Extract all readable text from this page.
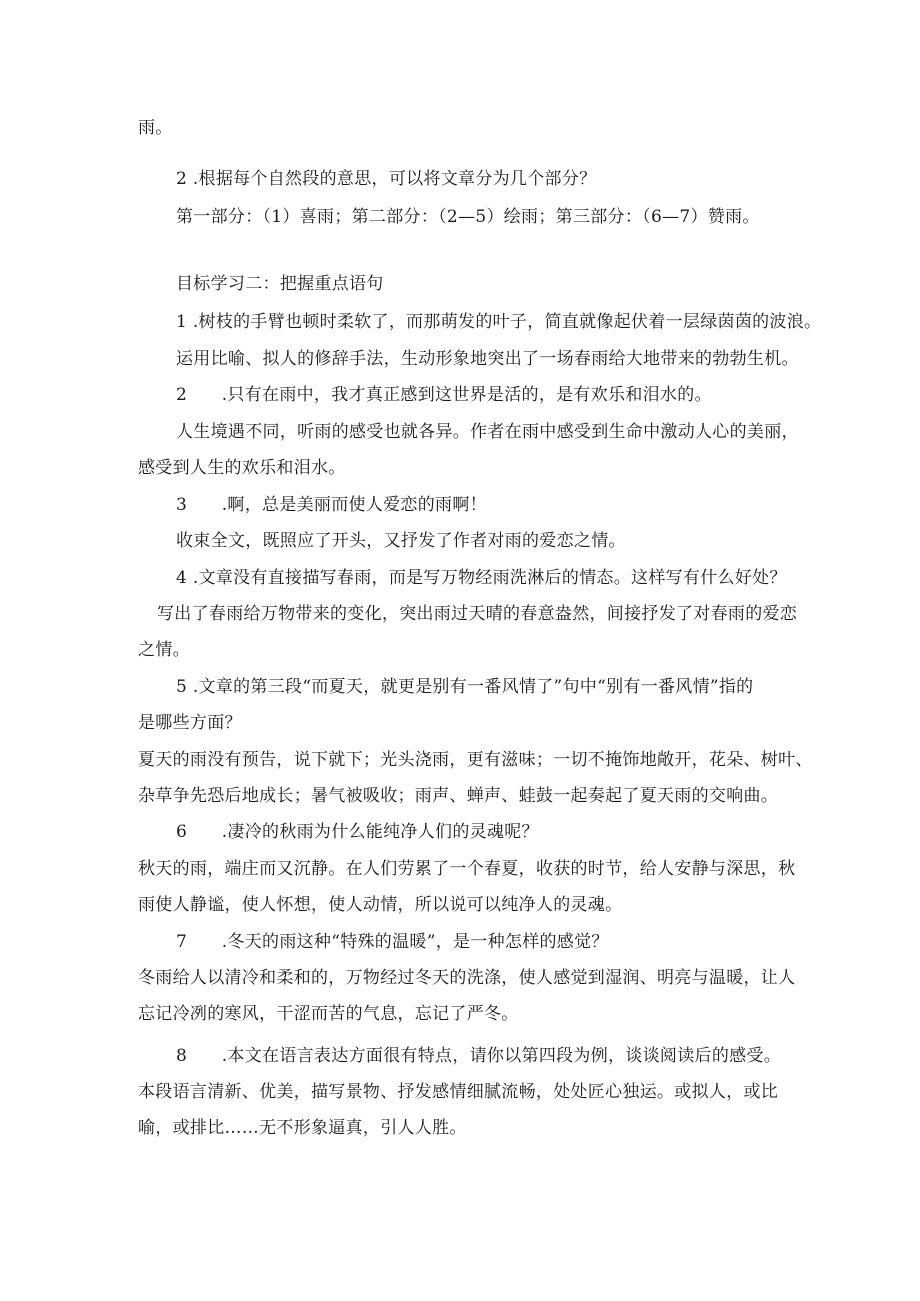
雨。
2 .根据每个自然段的意思，可以将文章分为几个部分？
第一部分：（1）喜雨；第二部分：（2—5）绘雨；第三部分：（6—7）赞雨。
目标学习二：把握重点语句
1 .树枝的手臂也顿时柔软了，而那萌发的叶子，简直就像起伏着一层绿茵茵的波浪。
运用比喻、拟人的修辞手法，生动形象地突出了一场春雨给大地带来的勃勃生机。
2　　.只有在雨中，我才真正感到这世界是活的，是有欢乐和泪水的。
人生境遇不同，听雨的感受也就各异。作者在雨中感受到生命中激动人心的美丽，
感受到人生的欢乐和泪水。
3　　.啊，总是美丽而使人爱恋的雨啊！
收束全文，既照应了开头，又抒发了作者对雨的爱恋之情。
4 .文章没有直接描写春雨，而是写万物经雨洗淋后的情态。这样写有什么好处？
写出了春雨给万物带来的变化，突出雨过天晴的春意盎然，间接抒发了对春雨的爱恋
之情。
5 .文章的第三段“而夏天，就更是别有一番风情了”句中“别有一番风情”指的
是哪些方面？
夏天的雨没有预告，说下就下；光头浇雨，更有滋味；一切不掩饰地敞开，花朵、树叶、
杂草争先恐后地成长；暑气被吸收；雨声、蝉声、蛙鼓一起奏起了夏天雨的交响曲。
6　　.凄冷的秋雨为什么能纯净人们的灵魂呢？
秋天的雨，端庄而又沉静。在人们劳累了一个春夏，收获的时节，给人安静与深思，秋
雨使人静谧，使人怀想，使人动情，所以说可以纯净人的灵魂。
7　　.冬天的雨这种“特殊的温暖”，是一种怎样的感觉？
冬雨给人以清冷和柔和的，万物经过冬天的洗涤，使人感觉到湿润、明亮与温暖，让人
忘记冷冽的寒风，干涩而苦的气息，忘记了严冬。
8　　.本文在语言表达方面很有特点，请你以第四段为例，谈谈阅读后的感受。
本段语言清新、优美，描写景物、抒发感情细腻流畅，处处匠心独运。或拟人，或比
喻，或排比……无不形象逼真，引人人胜。
